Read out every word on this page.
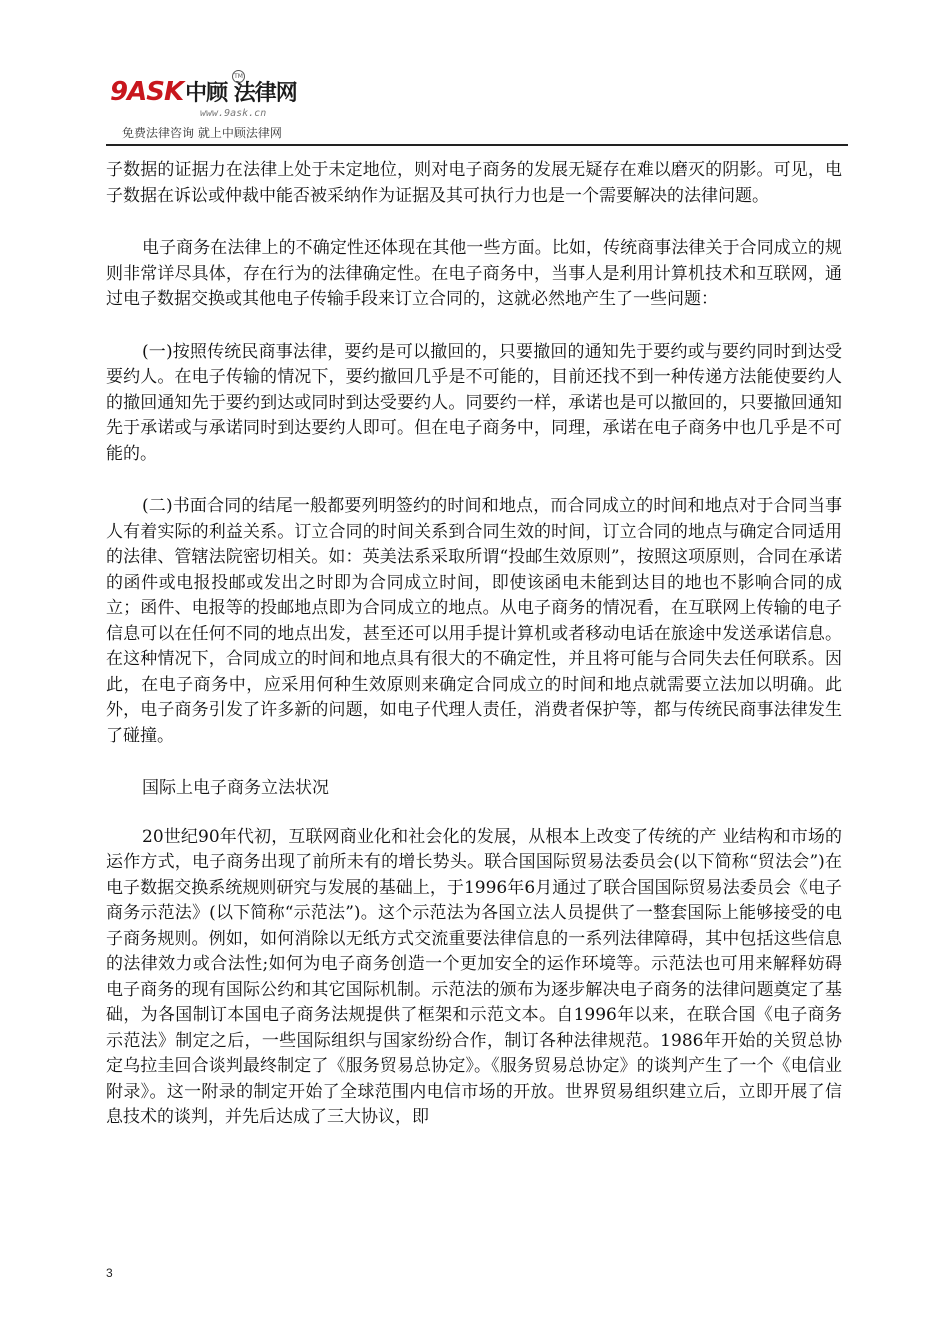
9ASK中顾 法律网
TM
www.9ask.cn
免费法律咨询 就上中顾法律网

子数据的证据力在法律上处于未定地位，则对电子商务的发展无疑存在难以磨灭的阴影。可见，电子数据在诉讼或仲裁中能否被采纳作为证据及其可执行力也是一个需要解决的法律问题。

电子商务在法律上的不确定性还体现在其他一些方面。比如，传统商事法律关于合同成立的规则非常详尽具体，存在行为的法律确定性。在电子商务中，当事人是利用计算机技术和互联网，通过电子数据交换或其他电子传输手段来订立合同的，这就必然地产生了一些问题：

(一)按照传统民商事法律，要约是可以撤回的，只要撤回的通知先于要约或与要约同时到达受要约人。在电子传输的情况下，要约撤回几乎是不可能的，目前还找不到一种传递方法能使要约人的撤回通知先于要约到达或同时到达受要约人。同要约一样，承诺也是可以撤回的，只要撤回通知先于承诺或与承诺同时到达要约人即可。但在电子商务中，同理，承诺在电子商务中也几乎是不可能的。

(二)书面合同的结尾一般都要列明签约的时间和地点，而合同成立的时间和地点对于合同当事人有着实际的利益关系。订立合同的时间关系到合同生效的时间，订立合同的地点与确定合同适用的法律、管辖法院密切相关。如：英美法系采取所谓“投邮生效原则”，按照这项原则，合同在承诺的函件或电报投邮或发出之时即为合同成立时间，即使该函电未能到达目的地也不影响合同的成立；函件、电报等的投邮地点即为合同成立的地点。从电子商务的情况看，在互联网上传输的电子信息可以在任何不同的地点出发，甚至还可以用手提计算机或者移动电话在旅途中发送承诺信息。在这种情况下，合同成立的时间和地点具有很大的不确定性，并且将可能与合同失去任何联系。因此，在电子商务中，应采用何种生效原则来确定合同成立的时间和地点就需要立法加以明确。此外，电子商务引发了许多新的问题，如电子代理人责任，消费者保护等，都与传统民商事法律发生了碰撞。

国际上电子商务立法状况

20世纪90年代初，互联网商业化和社会化的发展，从根本上改变了传统的产 业结构和市场的运作方式，电子商务出现了前所未有的增长势头。联合国国际贸易法委员会(以下简称“贸法会”)在电子数据交换系统规则研究与发展的基础上，于1996年6月通过了联合国国际贸易法委员会《电子商务示范法》(以下简称“示范法”)。这个示范法为各国立法人员提供了一整套国际上能够接受的电子商务规则。例如，如何消除以无纸方式交流重要法律信息的一系列法律障碍，其中包括这些信息的法律效力或合法性;如何为电子商务创造一个更加安全的运作环境等。示范法也可用来解释妨碍电子商务的现有国际公约和其它国际机制。示范法的颁布为逐步解决电子商务的法律问题奠定了基础，为各国制订本国电子商务法规提供了框架和示范文本。自1996年以来，在联合国《电子商务示范法》制定之后，一些国际组织与国家纷纷合作，制订各种法律规范。1986年开始的关贸总协定乌拉圭回合谈判最终制定了《服务贸易总协定》。《服务贸易总协定》的谈判产生了一个《电信业附录》。这一附录的制定开始了全球范围内电信市场的开放。世界贸易组织建立后，立即开展了信息技术的谈判，并先后达成了三大协议，即

3
